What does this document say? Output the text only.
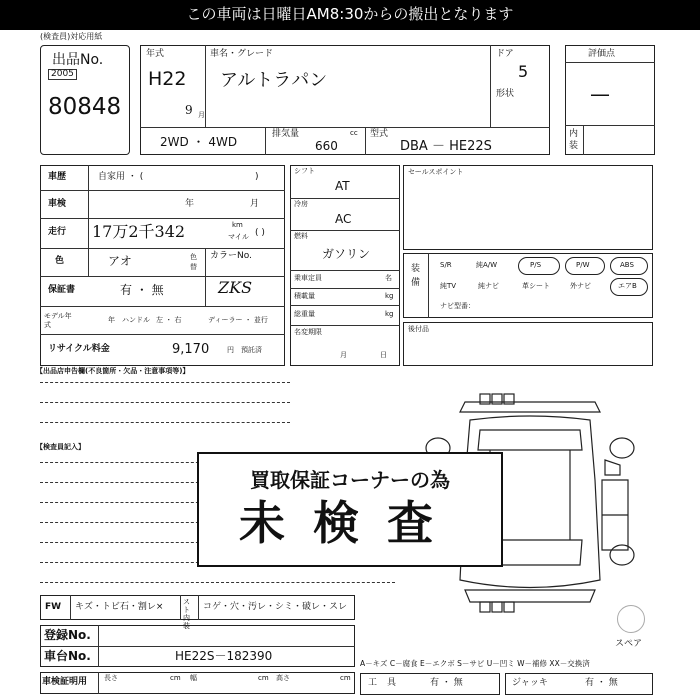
この車両は日曜日AM8:30からの搬出となります
(検査員)対応用紙
出品No.
2005
80848
年式
H22
9 月
車名・グレード
アルトラパン
ドア
5
形状
2WD ・ 4WD
排気量	cc
660
型式
DBA － HE22S
評価点
—
内装
車歴	自家用 ・ (	)
車検	年	月
走行 17万2千342	km
マイル ( )
色	アオ	色替
カラーNo.
保証書	有 ・ 無	ZKS
モデル年式
年 ハンドル 左 ・ 右	ディーラー ・ 並行
リサイクル料金	9,170	円 預託済
シフト
AT
冷房
AC
燃料
ガソリン
乗車定員	名
積載量	kg
総重量	kg
名変期限
月	日
セールスポイント
装備
S/R	純A/W	P/S	P/W	ABS
純TV	純ナビ	革シート	外ナビ	エアB
ナビ型番：
後付品
【出品店申告欄(不良箇所・欠品・注意事項等)】
【検査員記入】
買取保証コーナーの為
未検査
FW キズ・トビ石・割レ×	スト内装
コゲ・穴・汚レ・シミ・破レ・スレ
登録No.
車台No.	HE22S－182390
車検証明用 長さ	cm 幅	cm 高さ	cm
スペア
A－キズ C－腐食 E－エクボ S－サビ U－凹ミ W－補修 XX－交換済
工具	有 ・ 無	ジャッキ	有 ・ 無
